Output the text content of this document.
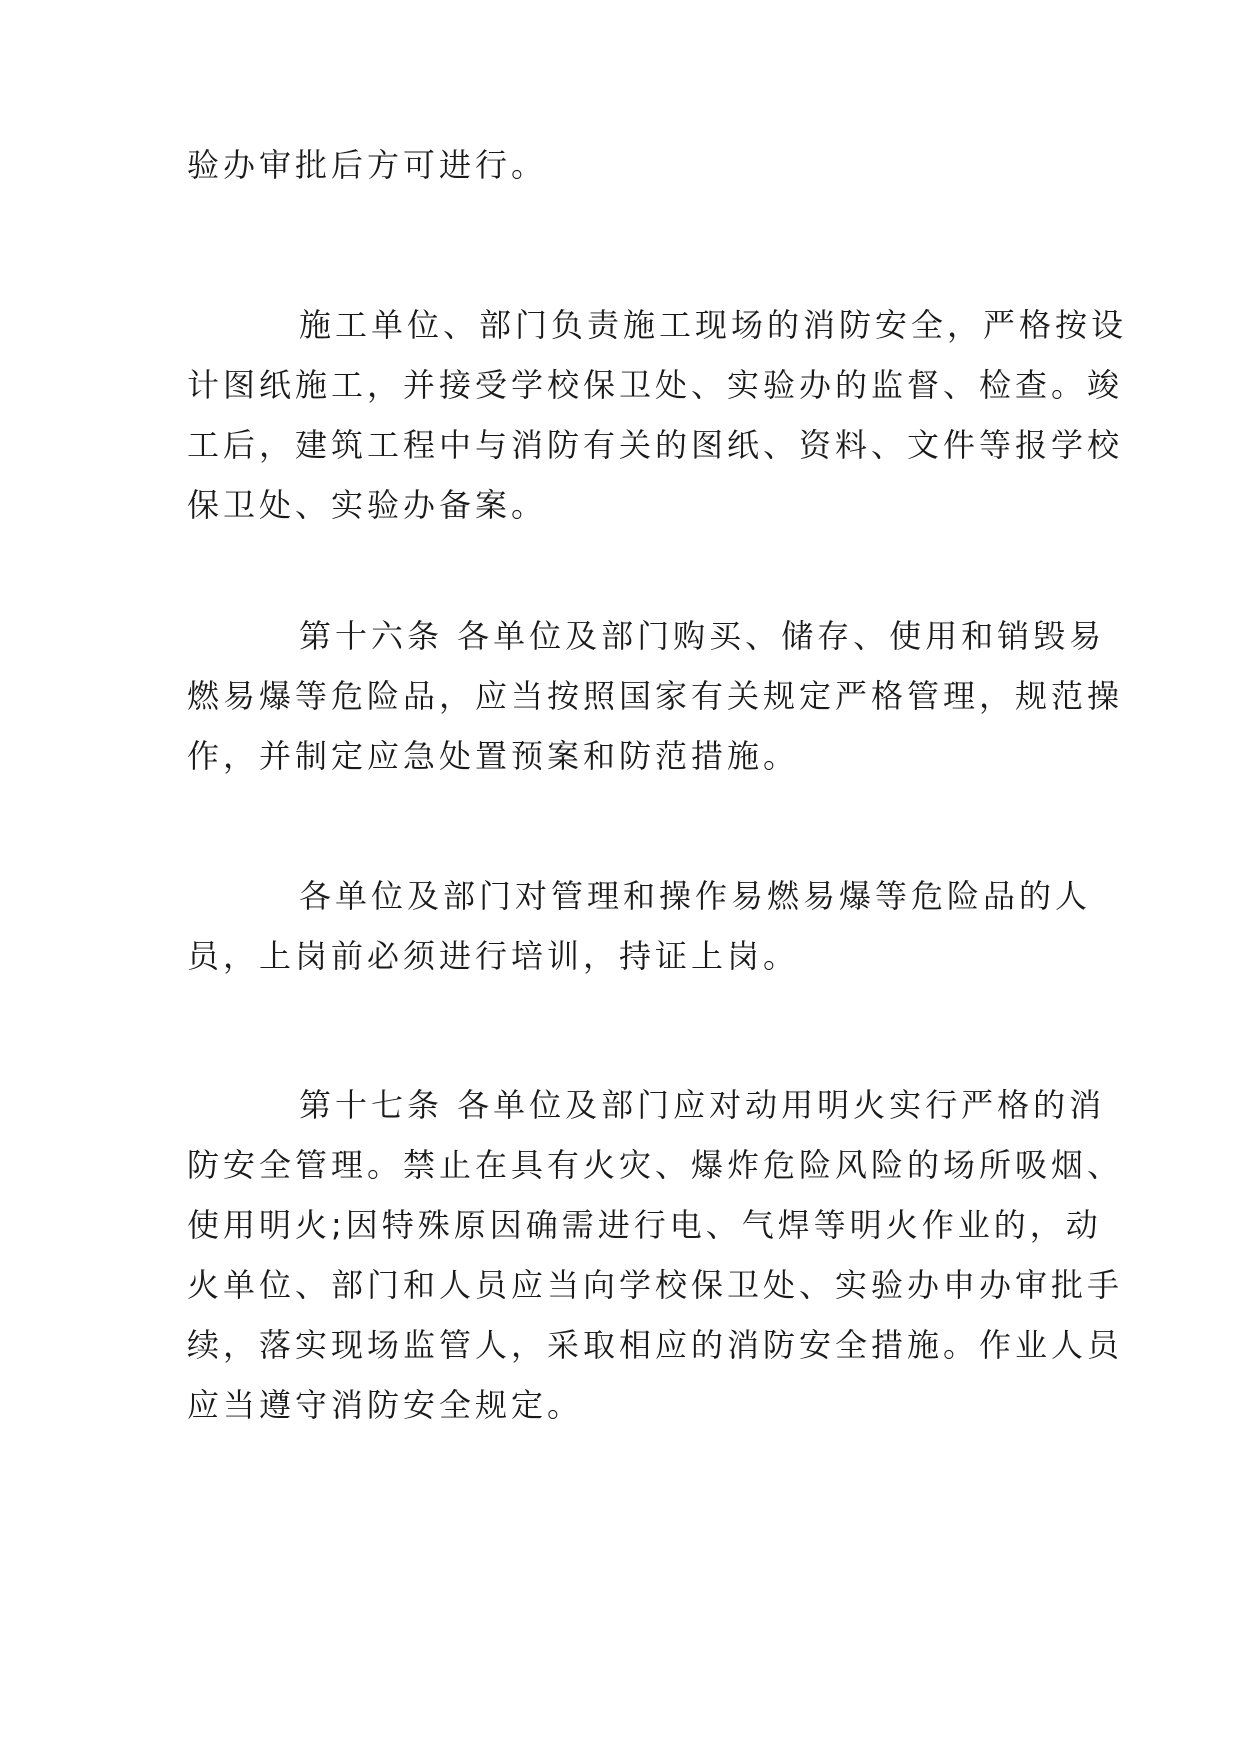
验办审批后方可进行。
施工单位、部门负责施工现场的消防安全，严格按设
计图纸施工，并接受学校保卫处、实验办的监督、检查。竣
工后，建筑工程中与消防有关的图纸、资料、文件等报学校
保卫处、实验办备案。
第十六条 各单位及部门购买、储存、使用和销毁易
燃易爆等危险品，应当按照国家有关规定严格管理，规范操
作，并制定应急处置预案和防范措施。
各单位及部门对管理和操作易燃易爆等危险品的人
员，上岗前必须进行培训，持证上岗。
第十七条 各单位及部门应对动用明火实行严格的消
防安全管理。禁止在具有火灾、爆炸危险风险的场所吸烟、
使用明火;因特殊原因确需进行电、气焊等明火作业的，动
火单位、部门和人员应当向学校保卫处、实验办申办审批手
续，落实现场监管人，采取相应的消防安全措施。作业人员
应当遵守消防安全规定。
